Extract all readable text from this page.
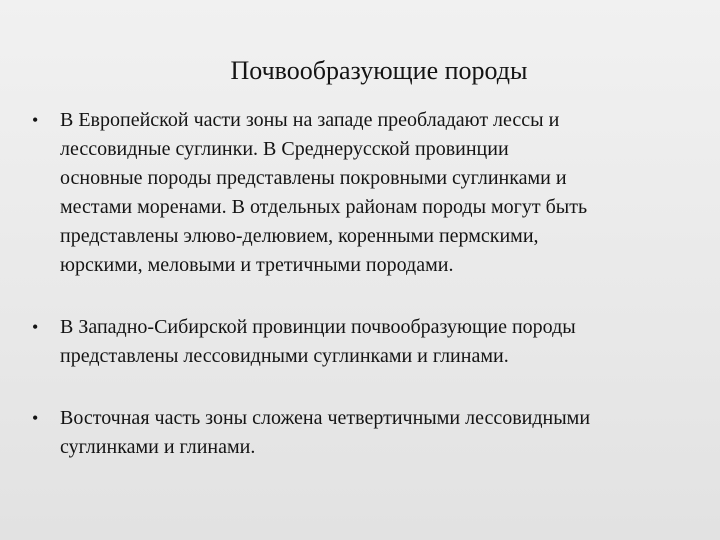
Почвообразующие породы
•	В Европейской части зоны на западе преобладают лессы и
лессовидные суглинки. В Среднерусской провинции
основные породы представлены покровными суглинками и
местами моренами. В отдельных районам породы могут быть
представлены элюво-делювием, коренными пермскими,
юрскими, меловыми и третичными породами.
•	В Западно-Сибирской провинции почвообразующие породы
представлены лессовидными суглинками и глинами.
•	Восточная часть зоны сложена четвертичными лессовидными
суглинками и глинами.
